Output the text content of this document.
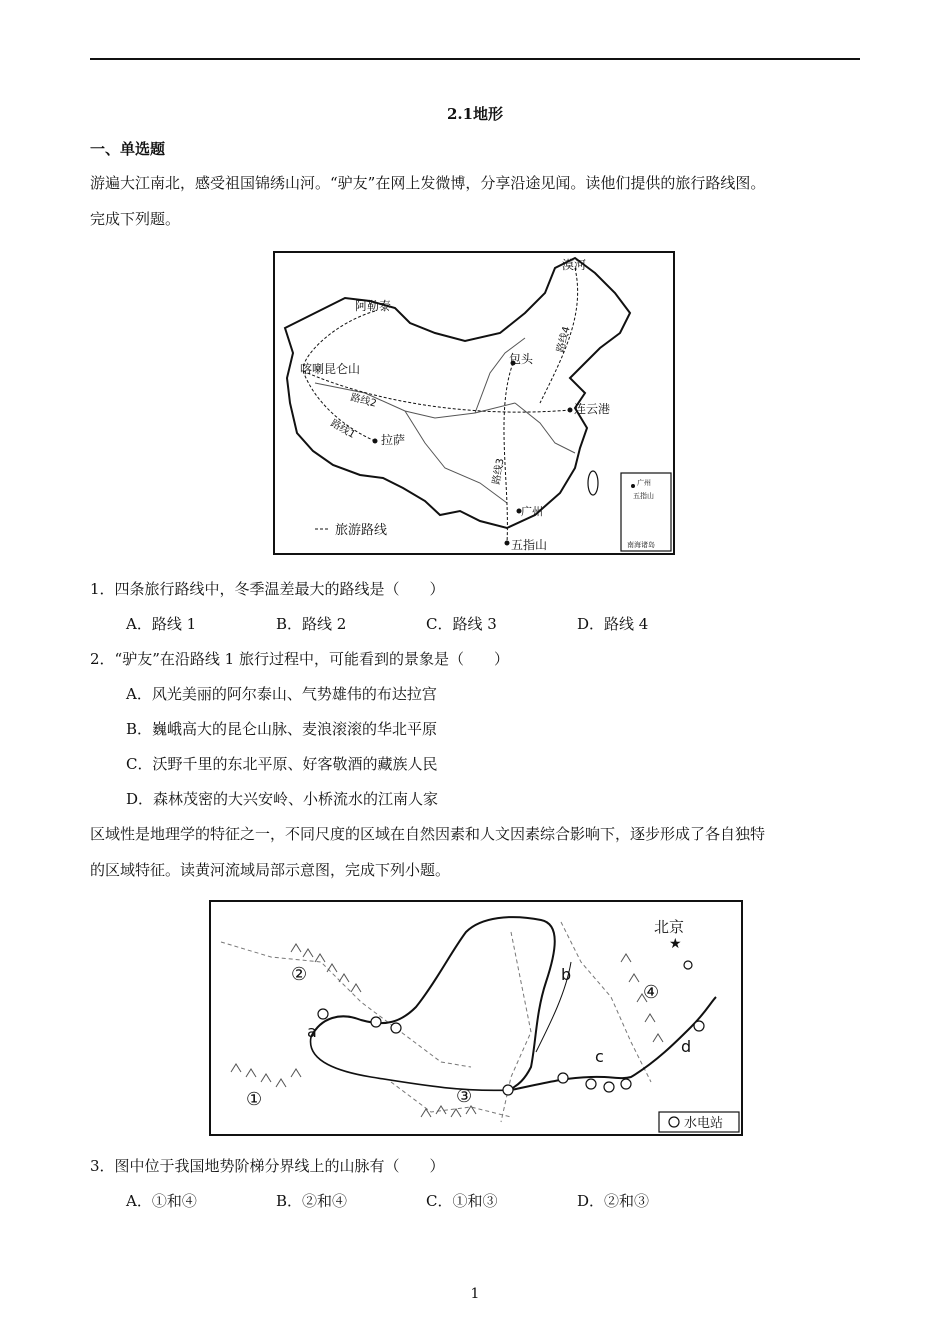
2.1地形
一、单选题
游遍大江南北，感受祖国锦绣山河。“驴友”在网上发微博，分享沿途见闻。读他们提供的旅行路线图。
完成下列题。
漠河
阿勒泰
喀喇昆仑山
包头
连云港
拉萨
广州
五指山
路线1
路线2
路线3
路线4
旅游路线
广州
五指山
南海诸岛
1．四条旅行路线中，冬季温差最大的路线是（　　）
A．路线 1	B．路线 2	C．路线 3	D．路线 4
2．“驴友”在沿路线 1 旅行过程中，可能看到的景象是（　　）
A．风光美丽的阿尔泰山、气势雄伟的布达拉宫
B．巍峨高大的昆仑山脉、麦浪滚滚的华北平原
C．沃野千里的东北平原、好客敬酒的藏族人民
D．森林茂密的大兴安岭、小桥流水的江南人家
区域性是地理学的特征之一，不同尺度的区域在自然因素和人文因素综合影响下，逐步形成了各自独特
的区域特征。读黄河流域局部示意图，完成下列小题。
北京
★
②
①	③
④
a
b
c
d
水电站
3．图中位于我国地势阶梯分界线上的山脉有（　　）
A．①和④	B．②和④	C．①和③	D．②和③
1
